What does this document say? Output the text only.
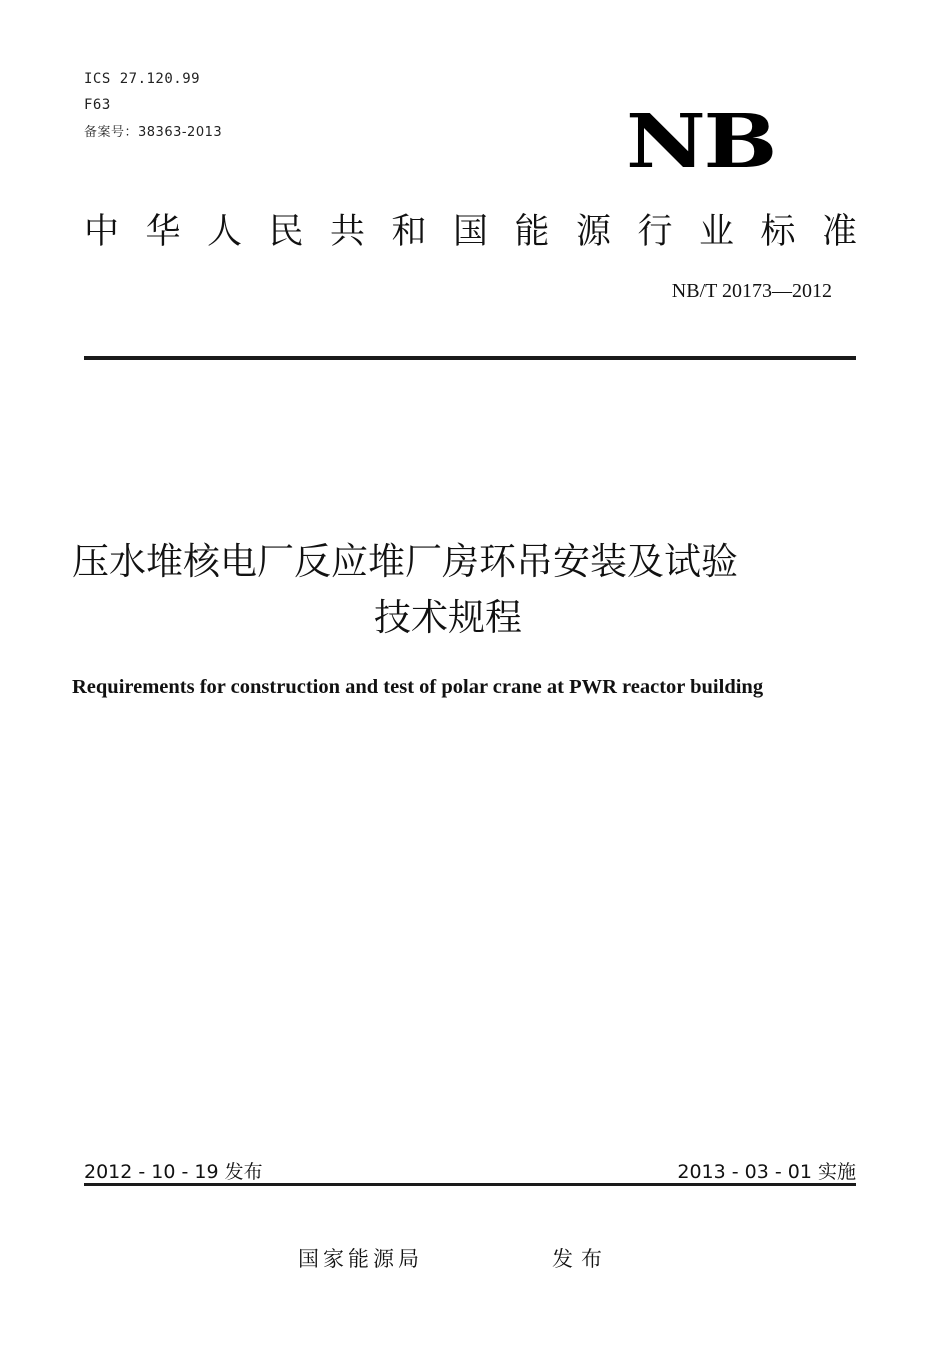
ICS 27.120.99
F63
备案号：38363-2013	NB
中华人民共和国能源行业标准
NB/T 20173—2012
压水堆核电厂反应堆厂房环吊安装及试验
技术规程
Requirements for construction and test of polar crane at PWR reactor building
2012 - 10 - 19 发布	2013 - 03 - 01 实施
国家能源局	发布
